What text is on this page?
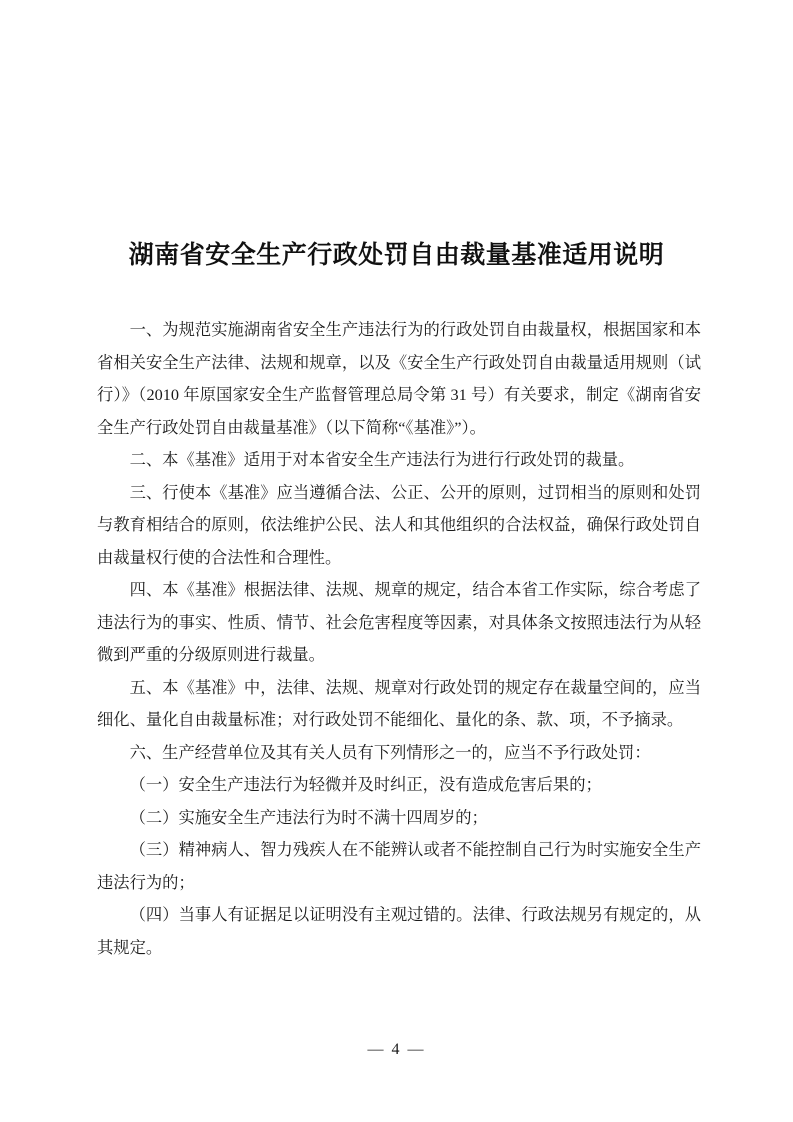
湖南省安全生产行政处罚自由裁量基准适用说明

一、为规范实施湖南省安全生产违法行为的行政处罚自由裁量权，根据国家和本省相关安全生产法律、法规和规章，以及《安全生产行政处罚自由裁量适用规则（试行）》（2010 年原国家安全生产监督管理总局令第 31 号）有关要求，制定《湖南省安全生产行政处罚自由裁量基准》（以下简称“《基准》”）。

二、本《基准》适用于对本省安全生产违法行为进行行政处罚的裁量。

三、行使本《基准》应当遵循合法、公正、公开的原则，过罚相当的原则和处罚与教育相结合的原则，依法维护公民、法人和其他组织的合法权益，确保行政处罚自由裁量权行使的合法性和合理性。

四、本《基准》根据法律、法规、规章的规定，结合本省工作实际，综合考虑了违法行为的事实、性质、情节、社会危害程度等因素，对具体条文按照违法行为从轻微到严重的分级原则进行裁量。

五、本《基准》中，法律、法规、规章对行政处罚的规定存在裁量空间的，应当细化、量化自由裁量标准；对行政处罚不能细化、量化的条、款、项，不予摘录。

六、生产经营单位及其有关人员有下列情形之一的，应当不予行政处罚：

（一）安全生产违法行为轻微并及时纠正，没有造成危害后果的；

（二）实施安全生产违法行为时不满十四周岁的；

（三）精神病人、智力残疾人在不能辨认或者不能控制自己行为时实施安全生产违法行为的；

（四）当事人有证据足以证明没有主观过错的。法律、行政法规另有规定的，从其规定。

— 4 —
